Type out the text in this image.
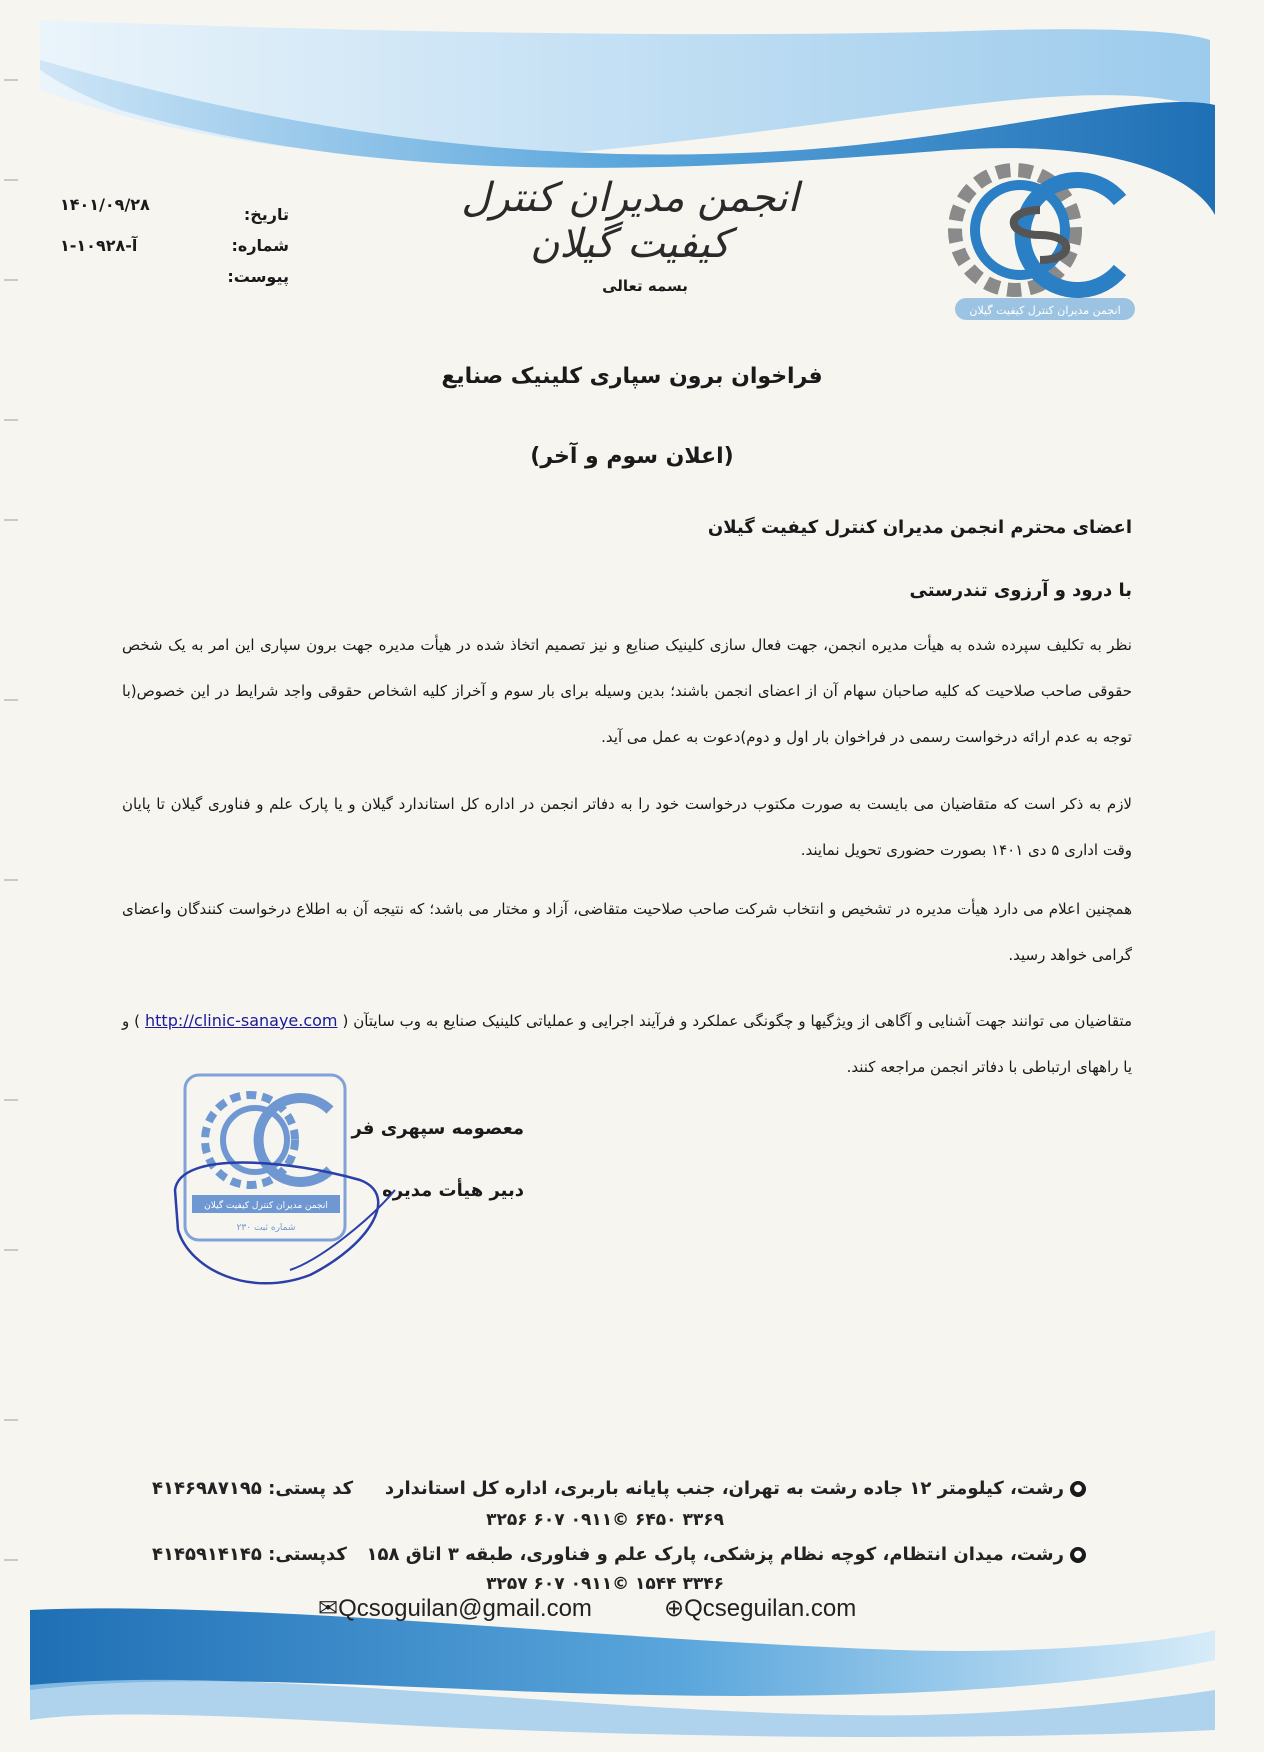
انجمن مدیران کنترل کیفیت گیلان
انجمن مدیران کنترل کیفیت گیلان
بسمه تعالی
تاریخ:
شماره:
پیوست:
۱۴۰۱/۰۹/۲۸
۱-۱آ-۰۹۲۸
فراخوان برون سپاری کلینیک صنایع
(اعلان سوم و آخر)
اعضای محترم انجمن مدیران کنترل کیفیت گیلان
با درود و آرزوی تندرستی
نظر به تکلیف سپرده شده به هیأت مدیره انجمن، جهت فعال سازی کلینیک صنایع و نیز تصمیم اتخاذ شده در هیأت مدیره جهت برون سپاری این امر به یک شخص حقوقی صاحب صلاحیت که کلیه صاحبان سهام آن از اعضای انجمن باشند؛ بدین وسیله برای بار سوم و آخراز کلیه اشخاص حقوقی واجد شرایط در این خصوص(با توجه به عدم ارائه درخواست رسمی در فراخوان بار اول و دوم)دعوت به عمل می آید.
لازم به ذکر است که متقاضیان می بایست به صورت مکتوب درخواست خود را به دفاتر انجمن در اداره کل استاندارد گیلان و یا پارک علم و فناوری گیلان تا پایان وقت اداری ۵ دی ۱۴۰۱ بصورت حضوری تحویل نمایند.
همچنین اعلام می دارد هیأت مدیره در تشخیص و انتخاب شرکت صاحب صلاحیت متقاضی، آزاد و مختار می باشد؛ که نتیجه آن به اطلاع درخواست کنندگان واعضای گرامی خواهد رسید.
متقاضیان می توانند جهت آشنایی و آگاهی از ویژگیها و چگونگی عملکرد و فرآیند اجرایی و عملیاتی کلینیک صنایع به وب سایتآن ( http://clinic-sanaye.com ) و یا راههای ارتباطی با دفاتر انجمن مراجعه کنند.
معصومه سپهری فر
دبیر هیأت مدیره
انجمن مدیران کنترل کیفیت گیلان
شماره ثبت ۲۳۰
●رشت، کیلومتر ۱۲ جاده رشت به تهران، جنب پایانه باربری، اداره کل استاندارد
۳۳۶۹ ۶۴۵۰ ©۰۹۱۱ ۶۰۷ ۳۲۵۶
کد پستی: ۴۱۴۶۹۸۷۱۹۵
●رشت، میدان انتظام، کوچه نظام پزشکی، پارک علم و فناوری، طبقه ۳ اتاق ۱۵۸
۳۳۴۶ ۱۵۴۴ ©۰۹۱۱ ۶۰۷ ۳۲۵۷
کدپستی: ۴۱۴۵۹۱۴۱۴۵
✉Qcsoguilan@gmail.com	⊕Qcseguilan.com
